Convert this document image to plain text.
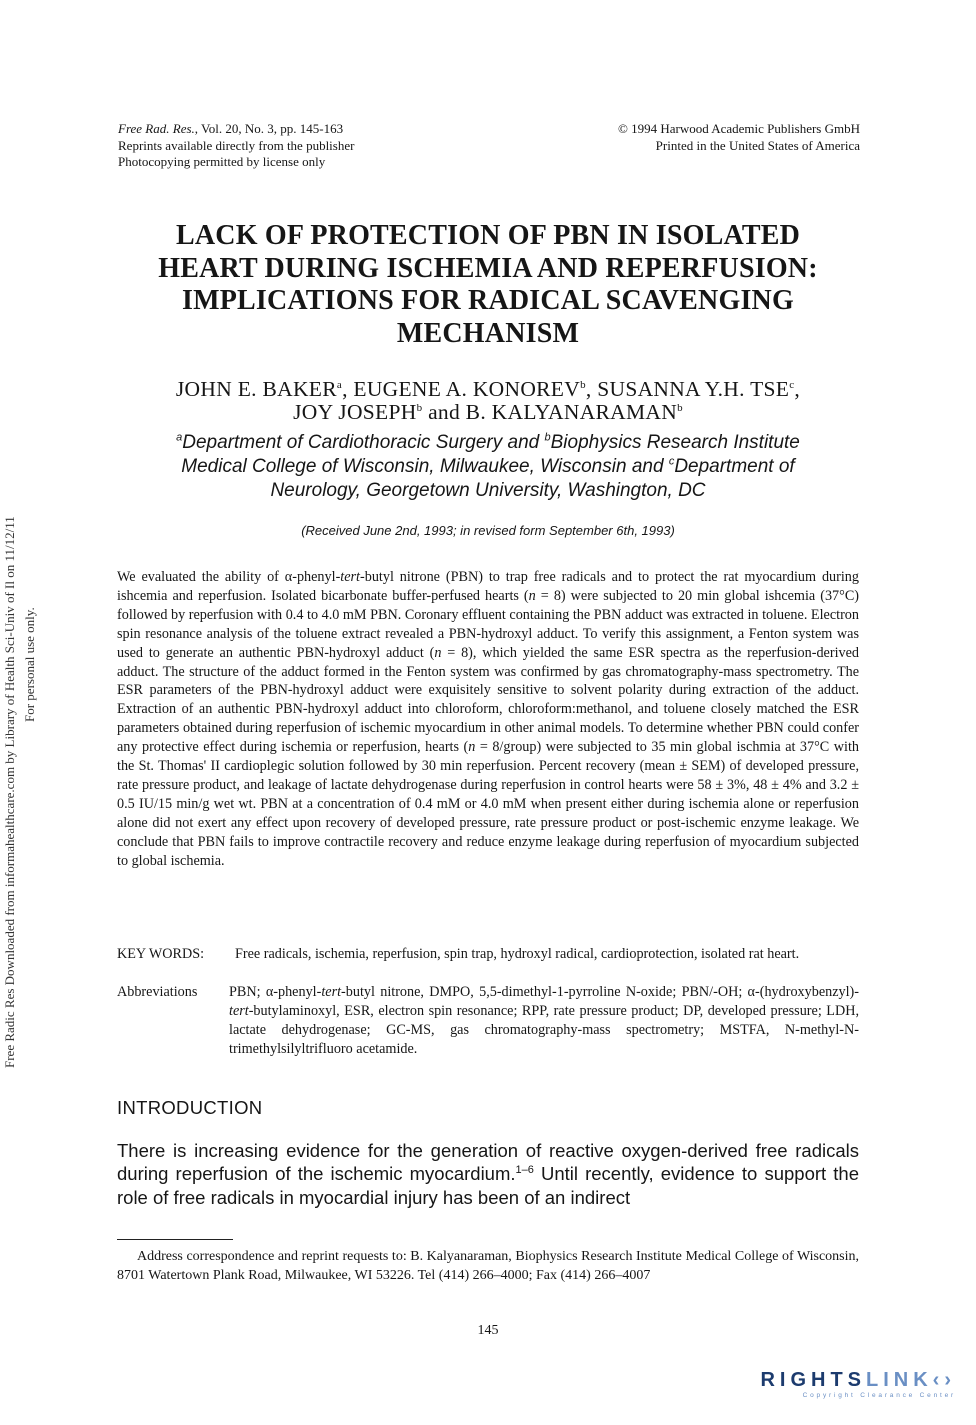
Free Radic Res Downloaded from informahealthcare.com by Library of Health Sci-Univ of Il on 11/12/11 For personal use only.
Free Rad. Res., Vol. 20, No. 3, pp. 145-163
Reprints available directly from the publisher
Photocopying permitted by license only
© 1994 Harwood Academic Publishers GmbH
Printed in the United States of America
LACK OF PROTECTION OF PBN IN ISOLATED
HEART DURING ISCHEMIA AND REPERFUSION:
IMPLICATIONS FOR RADICAL SCAVENGING
MECHANISM
JOHN E. BAKER$^a$, EUGENE A. KONOREV$^b$, SUSANNA Y.H. TSE$^c$,
JOY JOSEPH$^b$ and B. KALYANARAMAN$^b$
$^a$Department of Cardiothoracic Surgery and $^b$Biophysics Research Institute
Medical College of Wisconsin, Milwaukee, Wisconsin and $^c$Department of
Neurology, Georgetown University, Washington, DC
(Received June 2nd, 1993; in revised form September 6th, 1993)
We evaluated the ability of α-phenyl-tert-butyl nitrone (PBN) to trap free radicals and to protect the rat myocardium during ishcemia and reperfusion. Isolated bicarbonate buffer-perfused hearts (n = 8) were subjected to 20 min global ishcemia (37°C) followed by reperfusion with 0.4 to 4.0 mM PBN. Coronary effluent containing the PBN adduct was extracted in toluene. Electron spin resonance analysis of the toluene extract revealed a PBN-hydroxyl adduct. To verify this assignment, a Fenton system was used to generate an authentic PBN-hydroxyl adduct (n = 8), which yielded the same ESR spectra as the reperfusion-derived adduct. The structure of the adduct formed in the Fenton system was confirmed by gas chromatography-mass spectrometry. The ESR parameters of the PBN-hydroxyl adduct were exquisitely sensitive to solvent polarity during extraction of the adduct. Extraction of an authentic PBN-hydroxyl adduct into chloroform, chloroform:methanol, and toluene closely matched the ESR parameters obtained during reperfusion of ischemic myocardium in other animal models. To determine whether PBN could confer any protective effect during ischemia or reperfusion, hearts (n = 8/group) were subjected to 35 min global ischmia at 37°C with the St. Thomas' II cardioplegic solution followed by 30 min reperfusion. Percent recovery (mean ± SEM) of developed pressure, rate pressure product, and leakage of lactate dehydrogenase during reperfusion in control hearts were 58 ± 3%, 48 ± 4% and 3.2 ± 0.5 IU/15 min/g wet wt. PBN at a concentration of 0.4 mM or 4.0 mM when present either during ischemia alone or reperfusion alone did not exert any effect upon recovery of developed pressure, rate pressure product or post-ischemic enzyme leakage. We conclude that PBN fails to improve contractile recovery and reduce enzyme leakage during reperfusion of myocardium subjected to global ischemia.
KEY WORDS: Free radicals, ischemia, reperfusion, spin trap, hydroxyl radical, cardioprotection, isolated rat heart.
Abbreviations PBN; α-phenyl-tert-butyl nitrone, DMPO, 5,5-dimethyl-1-pyrroline N-oxide; PBN/-OH; α-(hydroxybenzyl)-tert-butylaminoxyl, ESR, electron spin resonance; RPP, rate pressure product; DP, developed pressure; LDH, lactate dehydrogenase; GC-MS, gas chromatography-mass spectrometry; MSTFA, N-methyl-N-trimethylsilyltrifluoro acetamide.
INTRODUCTION
There is increasing evidence for the generation of reactive oxygen-derived free radicals during reperfusion of the ischemic myocardium.$^{1-6}$ Until recently, evidence to support the role of free radicals in myocardial injury has been of an indirect
Address correspondence and reprint requests to: B. Kalyanaraman, Biophysics Research Institute Medical College of Wisconsin, 8701 Watertown Plank Road, Milwaukee, WI 53226. Tel (414) 266–4000; Fax (414) 266–4007
145
RIGHTSLINK‹›
Copyright Clearance Center
